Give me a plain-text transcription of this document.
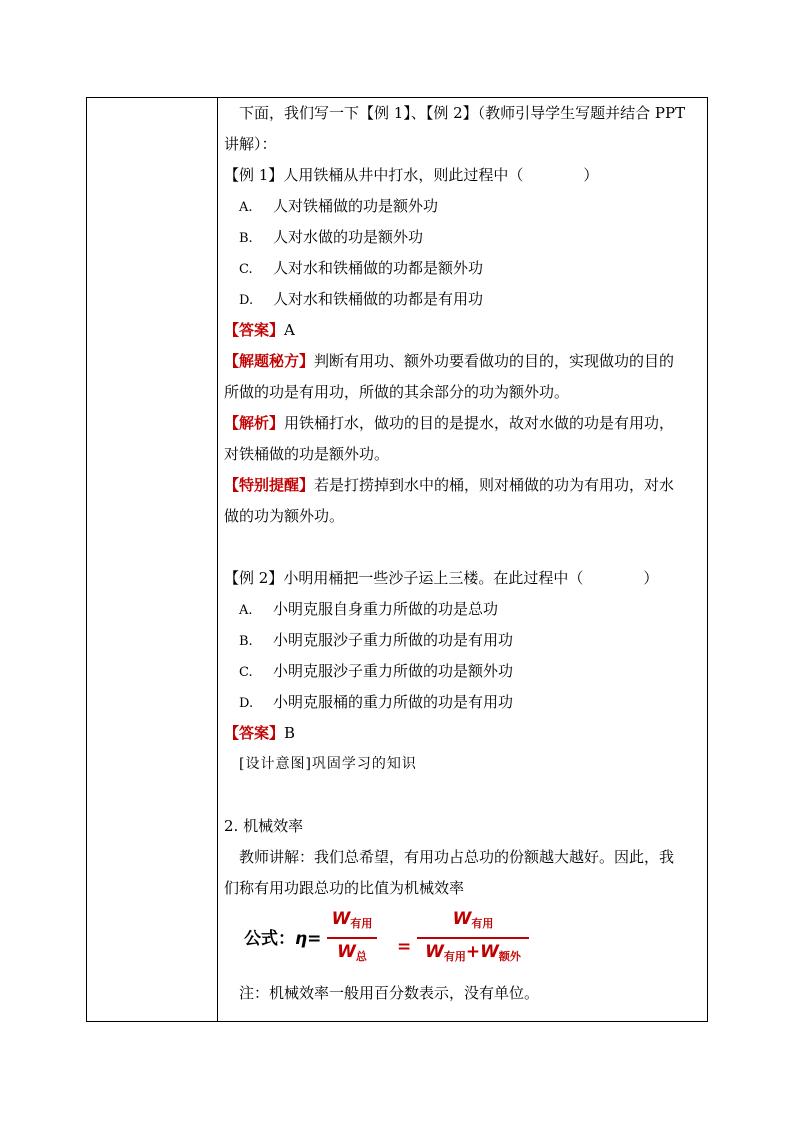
下面，我们写一下【例 1】、【例 2】（教师引导学生写题并结合 PPT
讲解）：
【例 1】人用铁桶从井中打水，则此过程中（　　　　）
A. 人对铁桶做的功是额外功
B. 人对水做的功是额外功
C. 人对水和铁桶做的功都是额外功
D. 人对水和铁桶做的功都是有用功
【答案】A
【解题秘方】判断有用功、额外功要看做功的目的，实现做功的目的
所做的功是有用功，所做的其余部分的功为额外功。
【解析】用铁桶打水，做功的目的是提水，故对水做的功是有用功，
对铁桶做的功是额外功。
【特别提醒】若是打捞掉到水中的桶，则对桶做的功为有用功，对水
做的功为额外功。
【例 2】小明用桶把一些沙子运上三楼。在此过程中（　　　　）
A. 小明克服自身重力所做的功是总功
B. 小明克服沙子重力所做的功是有用功
C. 小明克服沙子重力所做的功是额外功
D. 小明克服桶的重力所做的功是有用功
【答案】B
[设计意图]巩固学习的知识
2. 机械效率
教师讲解：我们总希望，有用功占总功的份额越大越好。因此，我
们称有用功跟总功的比值为机械效率
公式：η=
$W_{有用}$
$W_总$	=
$W_{有用}$
$W_{有用}+W_{额外}$
注：机械效率一般用百分数表示，没有单位。
